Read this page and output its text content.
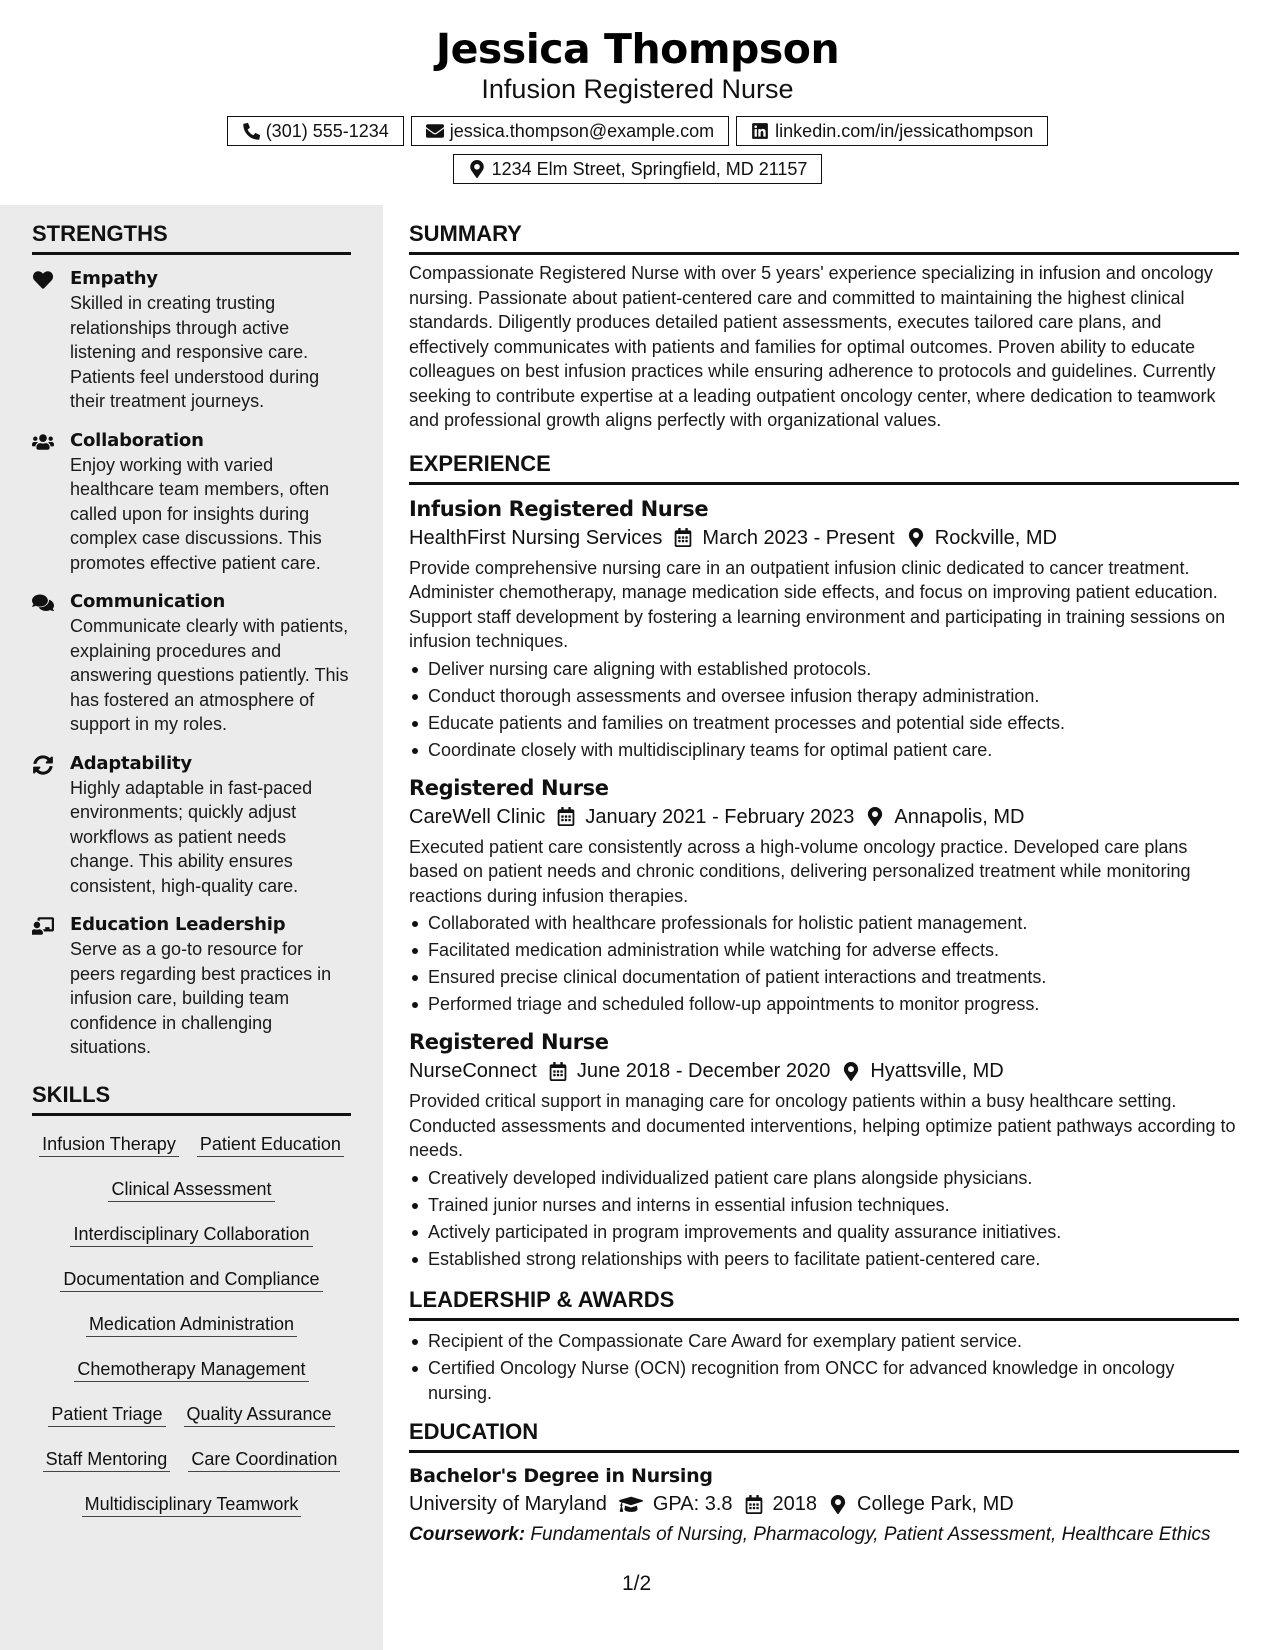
Jessica Thompson
Infusion Registered Nurse
(301) 555-1234	jessica.thompson@example.com	linkedin.com/in/jessicathompson
1234 Elm Street, Springfield, MD 21157
STRENGTHS
Empathy
Skilled in creating trusting relationships through active listening and responsive care. Patients feel understood during their treatment journeys.
Collaboration
Enjoy working with varied healthcare team members, often called upon for insights during complex case discussions. This promotes effective patient care.
Communication
Communicate clearly with patients, explaining procedures and answering questions patiently. This has fostered an atmosphere of support in my roles.
Adaptability
Highly adaptable in fast-paced environments; quickly adjust workflows as patient needs change. This ability ensures consistent, high-quality care.
Education Leadership
Serve as a go-to resource for peers regarding best practices in infusion care, building team confidence in challenging situations.
SKILLS
Infusion Therapy Patient Education
Clinical Assessment
Interdisciplinary Collaboration
Documentation and Compliance
Medication Administration
Chemotherapy Management
Patient Triage Quality Assurance
Staff Mentoring Care Coordination
Multidisciplinary Teamwork
SUMMARY
Compassionate Registered Nurse with over 5 years' experience specializing in infusion and oncology nursing. Passionate about patient-centered care and committed to maintaining the highest clinical standards. Diligently produces detailed patient assessments, executes tailored care plans, and effectively communicates with patients and families for optimal outcomes. Proven ability to educate colleagues on best infusion practices while ensuring adherence to protocols and guidelines. Currently seeking to contribute expertise at a leading outpatient oncology center, where dedication to teamwork and professional growth aligns perfectly with organizational values.
EXPERIENCE
Infusion Registered Nurse
HealthFirst Nursing Services March 2023 - Present Rockville, MD
Provide comprehensive nursing care in an outpatient infusion clinic dedicated to cancer treatment. Administer chemotherapy, manage medication side effects, and focus on improving patient education. Support staff development by fostering a learning environment and participating in training sessions on infusion techniques.
Deliver nursing care aligning with established protocols.
Conduct thorough assessments and oversee infusion therapy administration.
Educate patients and families on treatment processes and potential side effects.
Coordinate closely with multidisciplinary teams for optimal patient care.
Registered Nurse
CareWell Clinic January 2021 - February 2023 Annapolis, MD
Executed patient care consistently across a high-volume oncology practice. Developed care plans based on patient needs and chronic conditions, delivering personalized treatment while monitoring reactions during infusion therapies.
Collaborated with healthcare professionals for holistic patient management.
Facilitated medication administration while watching for adverse effects.
Ensured precise clinical documentation of patient interactions and treatments.
Performed triage and scheduled follow-up appointments to monitor progress.
Registered Nurse
NurseConnect June 2018 - December 2020 Hyattsville, MD
Provided critical support in managing care for oncology patients within a busy healthcare setting. Conducted assessments and documented interventions, helping optimize patient pathways according to needs.
Creatively developed individualized patient care plans alongside physicians.
Trained junior nurses and interns in essential infusion techniques.
Actively participated in program improvements and quality assurance initiatives.
Established strong relationships with peers to facilitate patient-centered care.
LEADERSHIP & AWARDS
Recipient of the Compassionate Care Award for exemplary patient service.
Certified Oncology Nurse (OCN) recognition from ONCC for advanced knowledge in oncology nursing.
EDUCATION
Bachelor's Degree in Nursing
University of Maryland GPA: 3.8 2018 College Park, MD
Coursework: Fundamentals of Nursing, Pharmacology, Patient Assessment, Healthcare Ethics
1/2
